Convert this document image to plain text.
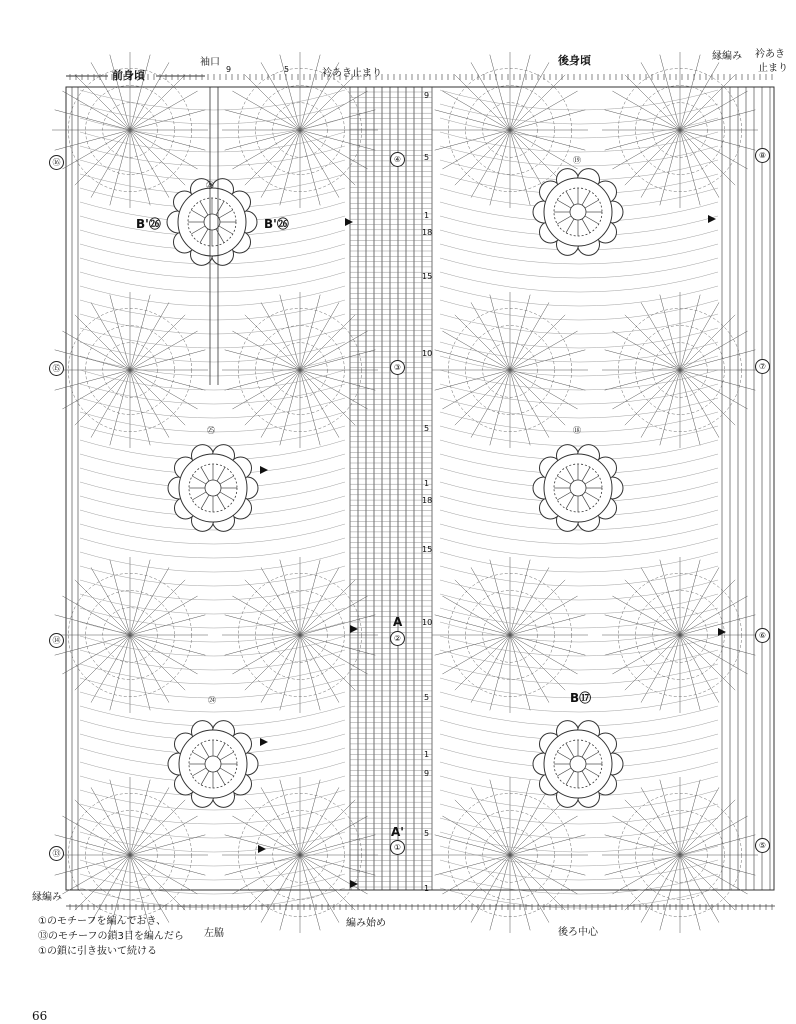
前身頃
袖口
9	5	衿あき止まり
後身頃	縁編み 衿あき
止まり
⑯
⑮
⑭
⑬
④
③
A
②
A'
①
⑧
⑦
⑥
⑤
9
5
1
18
15
10
5
1
18
15
10
5
1
9
5
1
㉖
㉕
㉔
⑲
⑱
B'㉖	B'㉖
B⑰
縁編み
左脇
編み始め
後ろ中心
①のモチーフを編んでおき、
⑬のモチーフの鎖3目を編んだら
①の鎖に引き抜いて続ける
66
